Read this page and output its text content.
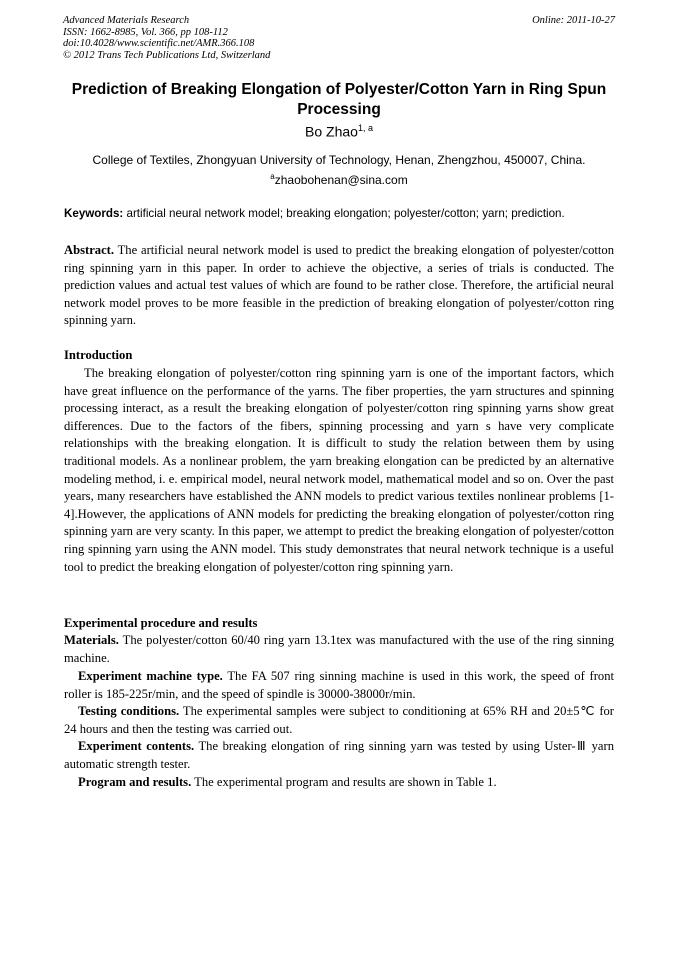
Advanced Materials Research
ISSN: 1662-8985, Vol. 366, pp 108-112
doi:10.4028/www.scientific.net/AMR.366.108
© 2012 Trans Tech Publications Ltd, Switzerland
Online: 2011-10-27
Prediction of Breaking Elongation of Polyester/Cotton Yarn in Ring Spun Processing
Bo Zhao$^{1, a}$
College of Textiles, Zhongyuan University of Technology, Henan, Zhengzhou, 450007, China.
$^a$zhaobohenan@sina.com
Keywords: artificial neural network model; breaking elongation; polyester/cotton; yarn; prediction.
Abstract. The artificial neural network model is used to predict the breaking elongation of polyester/cotton ring spinning yarn in this paper. In order to achieve the objective, a series of trials is conducted. The prediction values and actual test values of which are found to be rather close. Therefore, the artificial neural network model proves to be more feasible in the prediction of breaking elongation of polyester/cotton ring spinning yarn.
Introduction
The breaking elongation of polyester/cotton ring spinning yarn is one of the important factors, which have great influence on the performance of the yarns. The fiber properties, the yarn structures and spinning processing interact, as a result the breaking elongation of polyester/cotton ring spinning yarns show great differences. Due to the factors of the fibers, spinning processing and yarn s have very complicate relationships with the breaking elongation. It is difficult to study the relation between them by using traditional models. As a nonlinear problem, the yarn breaking elongation can be predicted by an alternative modeling method, i. e. empirical model, neural network model, mathematical model and so on. Over the past years, many researchers have established the ANN models to predict various textiles nonlinear problems [1-4].However, the applications of ANN models for predicting the breaking elongation of polyester/cotton ring spinning yarn are very scanty. In this paper, we attempt to predict the breaking elongation of polyester/cotton ring spinning yarn using the ANN model. This study demonstrates that neural network technique is a useful tool to predict the breaking elongation of polyester/cotton ring spinning yarn.
Experimental procedure and results
Materials. The polyester/cotton 60/40 ring yarn 13.1tex was manufactured with the use of the ring sinning machine.
Experiment machine type. The FA 507 ring sinning machine is used in this work, the speed of front roller is 185-225r/min, and the speed of spindle is 30000-38000r/min.
Testing conditions. The experimental samples were subject to conditioning at 65% RH and 20±5℃ for 24 hours and then the testing was carried out.
Experiment contents. The breaking elongation of ring sinning yarn was tested by using Uster-Ⅲ yarn automatic strength tester.
Program and results. The experimental program and results are shown in Table 1.
